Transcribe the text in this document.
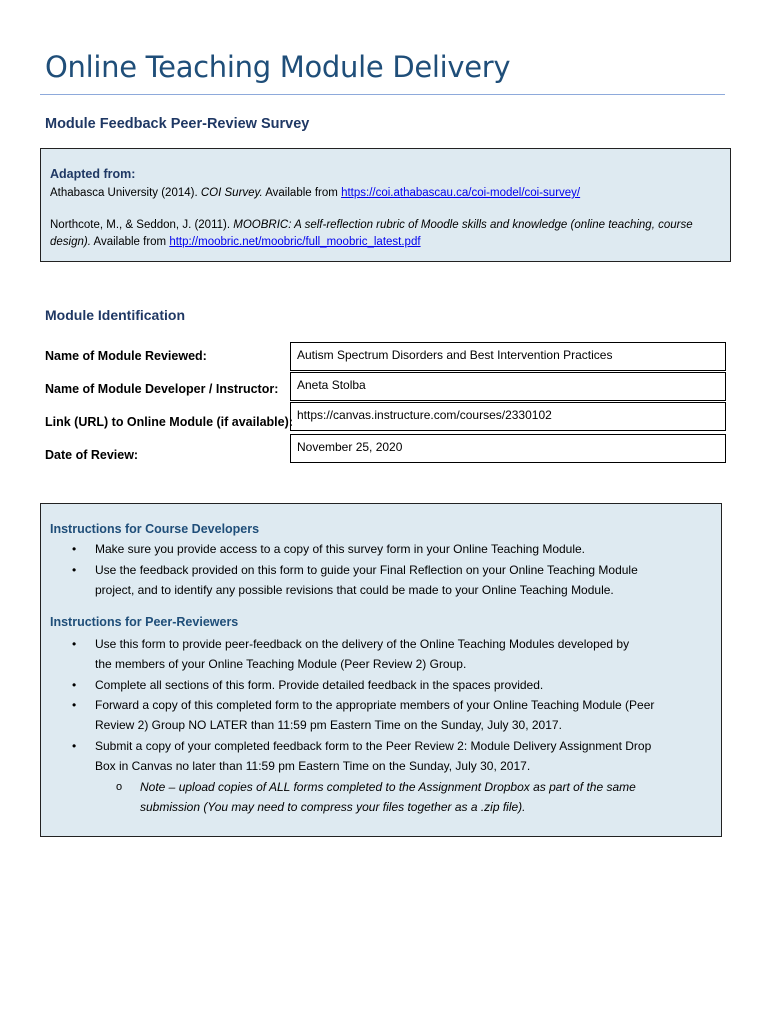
Online Teaching Module Delivery
Module Feedback Peer-Review Survey
Adapted from:
Athabasca University (2014). COI Survey. Available from https://coi.athabascau.ca/coi-model/coi-survey/
Northcote, M., & Seddon, J. (2011). MOOBRIC: A self-reflection rubric of Moodle skills and knowledge (online teaching, course
design). Available from http://moobric.net/moobric/full_moobric_latest.pdf
Module Identification
Name of Module Reviewed:	Autism Spectrum Disorders and Best Intervention Practices
Name of Module Developer / Instructor:	Aneta Stolba
Link (URL) to Online Module (if available): https://canvas.instructure.com/courses/2330102
Date of Review:
November 25, 2020
Instructions for Course Developers
• Make sure you provide access to a copy of this survey form in your Online Teaching Module.
• Use the feedback provided on this form to guide your Final Reflection on your Online Teaching Module
project, and to identify any possible revisions that could be made to your Online Teaching Module.
Instructions for Peer-Reviewers
• Use this form to provide peer-feedback on the delivery of the Online Teaching Modules developed by
the members of your Online Teaching Module (Peer Review 2) Group.
• Complete all sections of this form. Provide detailed feedback in the spaces provided.
• Forward a copy of this completed form to the appropriate members of your Online Teaching Module (Peer
Review 2) Group NO LATER than 11:59 pm Eastern Time on the Sunday, July 30, 2017.
• Submit a copy of your completed feedback form to the Peer Review 2: Module Delivery Assignment Drop
Box in Canvas no later than 11:59 pm Eastern Time on the Sunday, July 30, 2017.
o Note – upload copies of ALL forms completed to the Assignment Dropbox as part of the same
submission (You may need to compress your files together as a .zip file).
